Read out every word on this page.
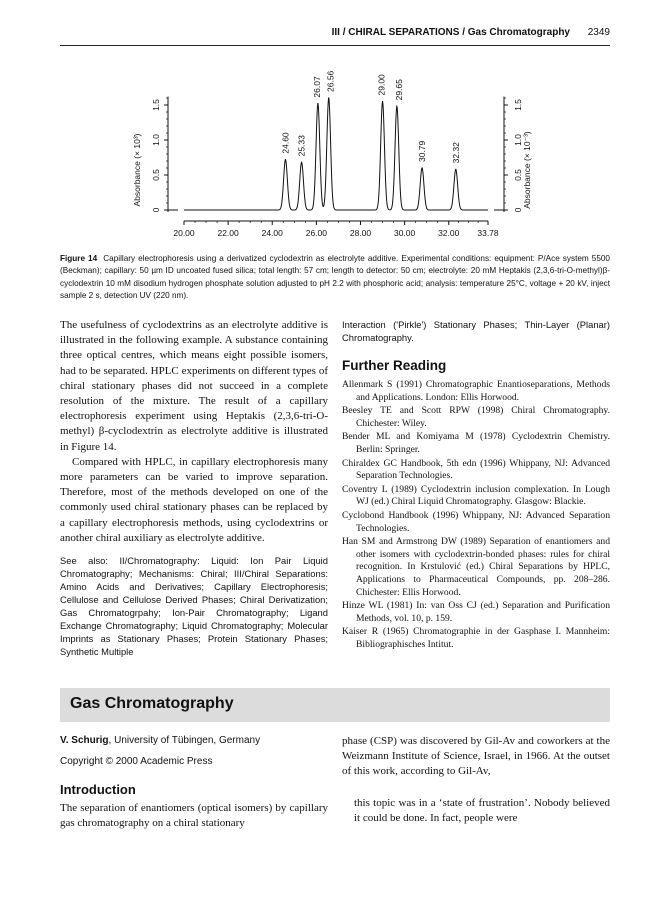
III / CHIRAL SEPARATIONS / Gas Chromatography 2349
20.00	22.00	24.00	26.00	28.00	30.00	32.00 33.78
0
0.5
1.0
1.5
0
0.5
1.0
1.5
Absorbance (× 10³)	Absorbance (× 10⁻³)
24.60 25.33
26.07 26.56	29.00 29.65
30.79	32.32
Figure 14 Capillary electrophoresis using a derivatized cyclodextrin as electrolyte additive. Experimental conditions: equipment: P/Ace system 5500 (Beckman); capillary: 50 µm ID uncoated fused silica; total length: 57 cm; length to detector: 50 cm; electrolyte: 20 mM Heptakis (2,3,6-tri-O-methyl)β-cyclodextrin 10 mM disodium hydrogen phosphate solution adjusted to pH 2.2 with phosphoric acid; analysis: temperature 25°C, voltage + 20 kV, inject sample 2 s, detection UV (220 nm).

The usefulness of cyclodextrins as an electrolyte additive is illustrated in the following example. A substance containing three optical centres, which means eight possible isomers, had to be separated. HPLC experiments on different types of chiral stationary phases did not succeed in a complete resolution of the mixture. The result of a capillary electrophoresis experiment using Heptakis (2,3,6-tri-O-methyl) β-cyclodextrin as electrolyte additive is illustrated in Figure 14.

Compared with HPLC, in capillary electrophoresis many more parameters can be varied to improve separation. Therefore, most of the methods developed on one of the commonly used chiral stationary phases can be replaced by a capillary electrophoresis methods, using cyclodextrins or another chiral auxiliary as electrolyte additive.

See also: II/Chromatography: Liquid: Ion Pair Liquid Chromatography; Mechanisms: Chiral; III/Chiral Separations: Amino Acids and Derivatives; Capillary Electrophoresis; Cellulose and Cellulose Derived Phases; Chiral Derivatization; Gas Chromatogrpahy; Ion-Pair Chromatography; Ligand Exchange Chromatography; Liquid Chromatography; Molecular Imprints as Stationary Phases; Protein Stationary Phases; Synthetic Multiple

Interaction ('Pirkle') Stationary Phases; Thin-Layer (Planar) Chromatography.

Further Reading

Allenmark S (1991) Chromatographic Enantioseparations, Methods and Applications. London: Ellis Horwood.

Beesley TE and Scott RPW (1998) Chiral Chromatography. Chichester: Wiley.

Bender ML and Komiyama M (1978) Cyclodextrin Chemistry. Berlin: Springer.

Chiraldex GC Handbook, 5th edn (1996) Whippany, NJ: Advanced Separation Technologies.

Coventry L (1989) Cyclodextrin inclusion complexation. In Lough WJ (ed.) Chiral Liquid Chromatography. Glasgow: Blackie.

Cyclobond Handbook (1996) Whippany, NJ: Advanced Separation Technologies.

Han SM and Armstrong DW (1989) Separation of enantiomers and other isomers with cyclodextrin-bonded phases: rules for chiral recognition. In Krstulović (ed.) Chiral Separations by HPLC, Applications to Pharmaceutical Compounds, pp. 208–286. Chichester: Ellis Horwood.

Hinze WL (1981) In: van Oss CJ (ed.) Separation and Purification Methods, vol. 10, p. 159.

Kaiser R (1965) Chromatographie in der Gasphase I. Mannheim: Bibliographisches Intitut.

Gas Chromatography

V. Schurig, University of Tübingen, Germany

Copyright © 2000 Academic Press

Introduction

The separation of enantiomers (optical isomers) by capillary gas chromatography on a chiral stationary

phase (CSP) was discovered by Gil-Av and coworkers at the Weizmann Institute of Science, Israel, in 1966. At the outset of this work, according to Gil-Av,

this topic was in a ‘state of frustration’. Nobody believed it could be done. In fact, people were
